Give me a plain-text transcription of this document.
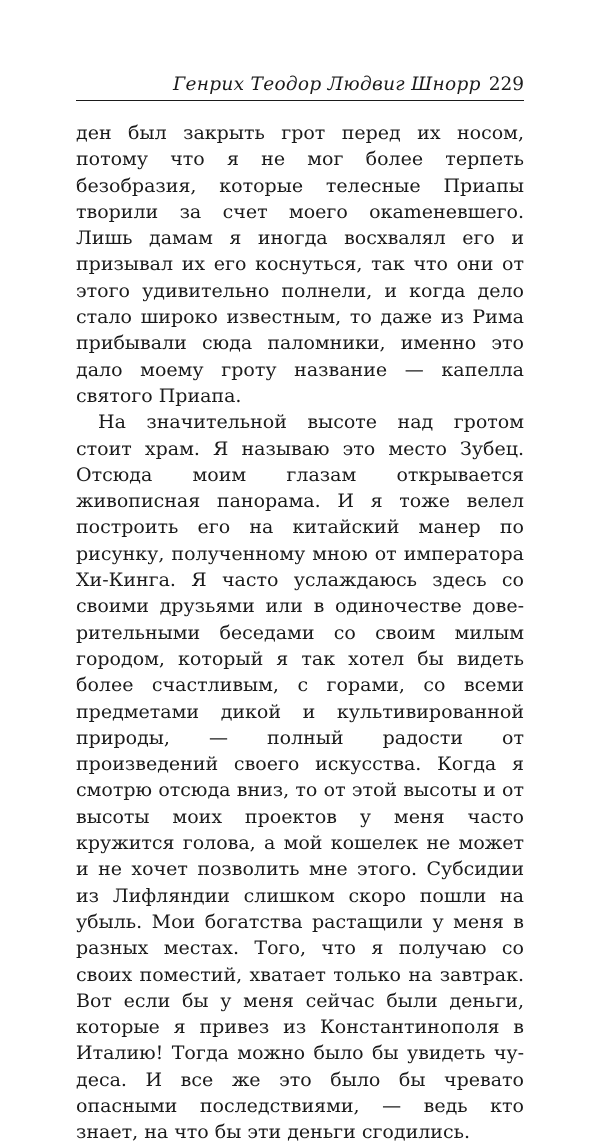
Генрих Теодор Людвиг Шнорр 229

ден был закрыть грот перед их носом, потому что я не мог более терпеть безобразия, которые телесные Приапы творили за счет моего окаmеневшего. Лишь дамам я иногда восхвалял его и призывал их его коснуться, так что они от этого удивительно полнели, и когда дело стало широко известным, то даже из Рима прибывали сюда паломники, именно это дало моему гроту название — капелла святого Приапа.

На значительной высоте над гротом стоит храм. Я называю это место Зубец. Отсюда моим глазам открывается живописная панорама. И я тоже велел построить его на китайский манер по рисунку, полученному мною от императора Хи-Кинга. Я часто услаждаюсь здесь со своими друзьями или в одиночестве доверительными беседами со своим милым городом, который я так хотел бы видеть более счастливым, с горами, со всеми предметами дикой и культивированной природы, — полный радости от произведений своего искусства. Когда я смотрю отсюда вниз, то от этой высоты и от высоты моих проектов у меня часто кружится голова, а мой кошелек не может и не хочет позволить мне этого. Субсидии из Лифляндии слишком скоро пошли на убыль. Мои богатства растащили у меня в разных местах. Того, что я получаю со своих поместий, хватает только на завтрак. Вот если бы у меня сейчас были деньги, которые я привез из Константинополя в Италию! Тогда можно было бы увидеть чудеса. И все же это было бы чревато опасными последствиями, — ведь кто знает, на что бы эти деньги сгодились.
